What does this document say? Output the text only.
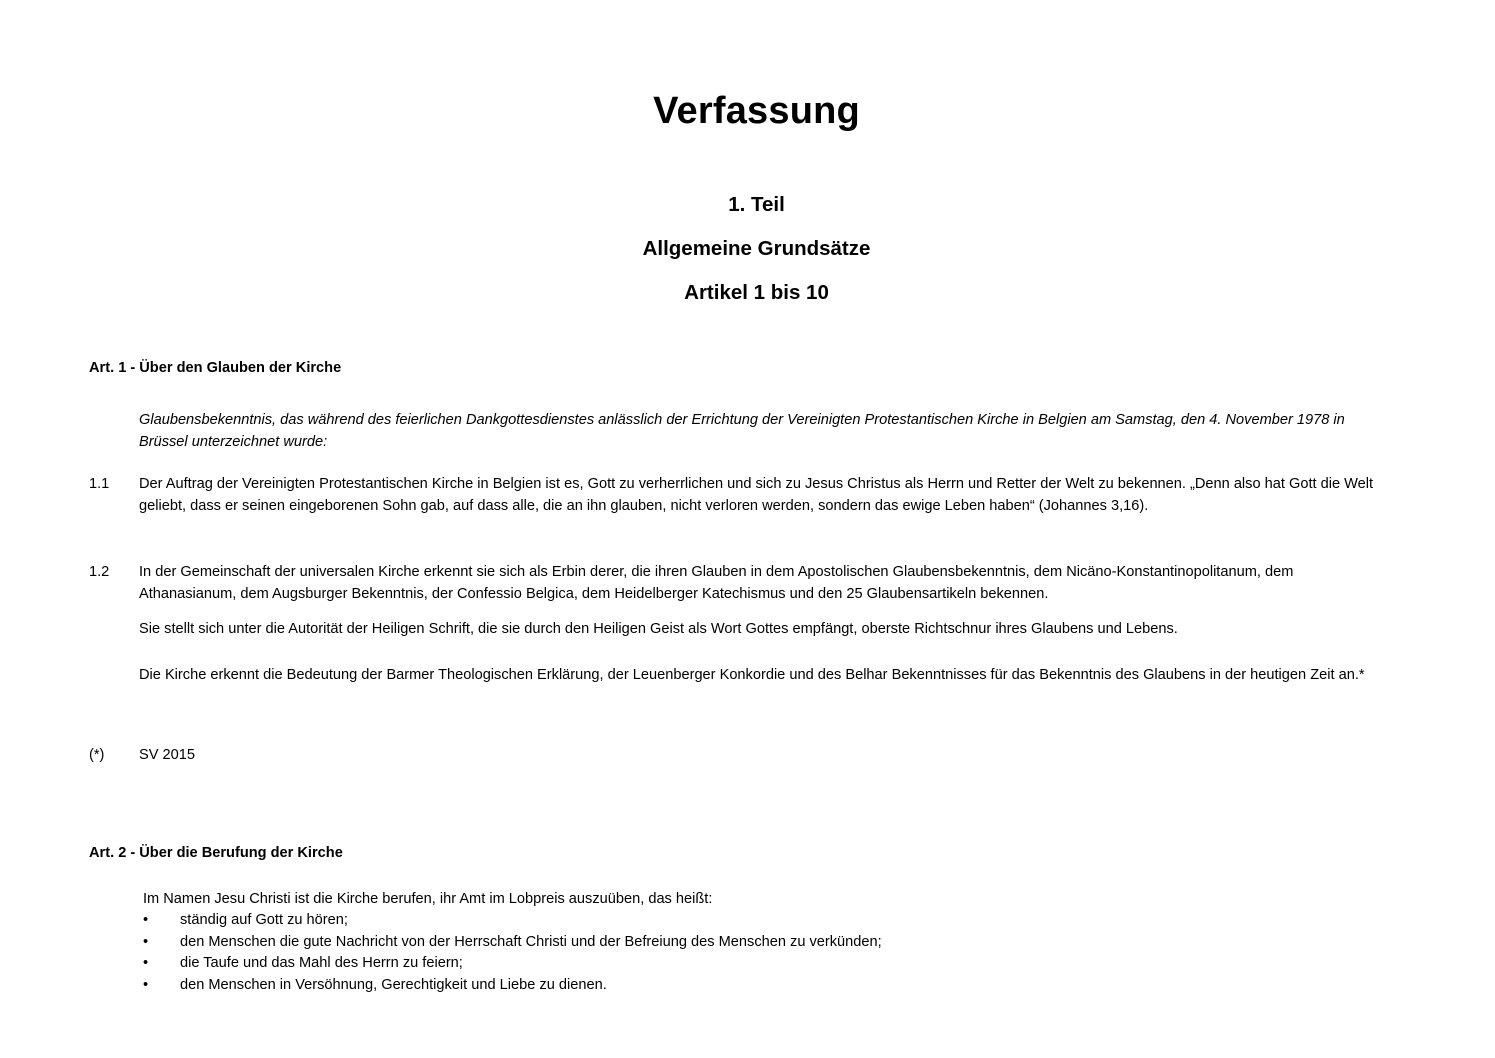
Verfassung
1. Teil
Allgemeine Grundsätze
Artikel 1 bis 10
Art. 1 - Über den Glauben der Kirche
Glaubensbekenntnis, das während des feierlichen Dankgottesdienstes anlässlich der Errichtung der Vereinigten Protestantischen Kirche in Belgien am Samstag, den 4. November 1978 in Brüssel unterzeichnet wurde:
1.1 Der Auftrag der Vereinigten Protestantischen Kirche in Belgien ist es, Gott zu verherrlichen und sich zu Jesus Christus als Herrn und Retter der Welt zu bekennen. „Denn also hat Gott die Welt geliebt, dass er seinen eingeborenen Sohn gab, auf dass alle, die an ihn glauben, nicht verloren werden, sondern das ewige Leben haben“ (Johannes 3,16).
1.2 In der Gemeinschaft der universalen Kirche erkennt sie sich als Erbin derer, die ihren Glauben in dem Apostolischen Glaubensbekenntnis, dem Nicäno-Konstantinopolitanum, dem Athanasianum, dem Augsburger Bekenntnis, der Confessio Belgica, dem Heidelberger Katechismus und den 25 Glaubensartikeln bekennen.
Sie stellt sich unter die Autorität der Heiligen Schrift, die sie durch den Heiligen Geist als Wort Gottes empfängt, oberste Richtschnur ihres Glaubens und Lebens.
Die Kirche erkennt die Bedeutung der Barmer Theologischen Erklärung, der Leuenberger Konkordie und des Belhar Bekenntnisses für das Bekenntnis des Glaubens in der heutigen Zeit an.*
(*) SV 2015
Art. 2 - Über die Berufung der Kirche
Im Namen Jesu Christi ist die Kirche berufen, ihr Amt im Lobpreis auszuüben, das heißt:
•	ständig auf Gott zu hören;
•	den Menschen die gute Nachricht von der Herrschaft Christi und der Befreiung des Menschen zu verkünden;
•	die Taufe und das Mahl des Herrn zu feiern;
•	den Menschen in Versöhnung, Gerechtigkeit und Liebe zu dienen.
